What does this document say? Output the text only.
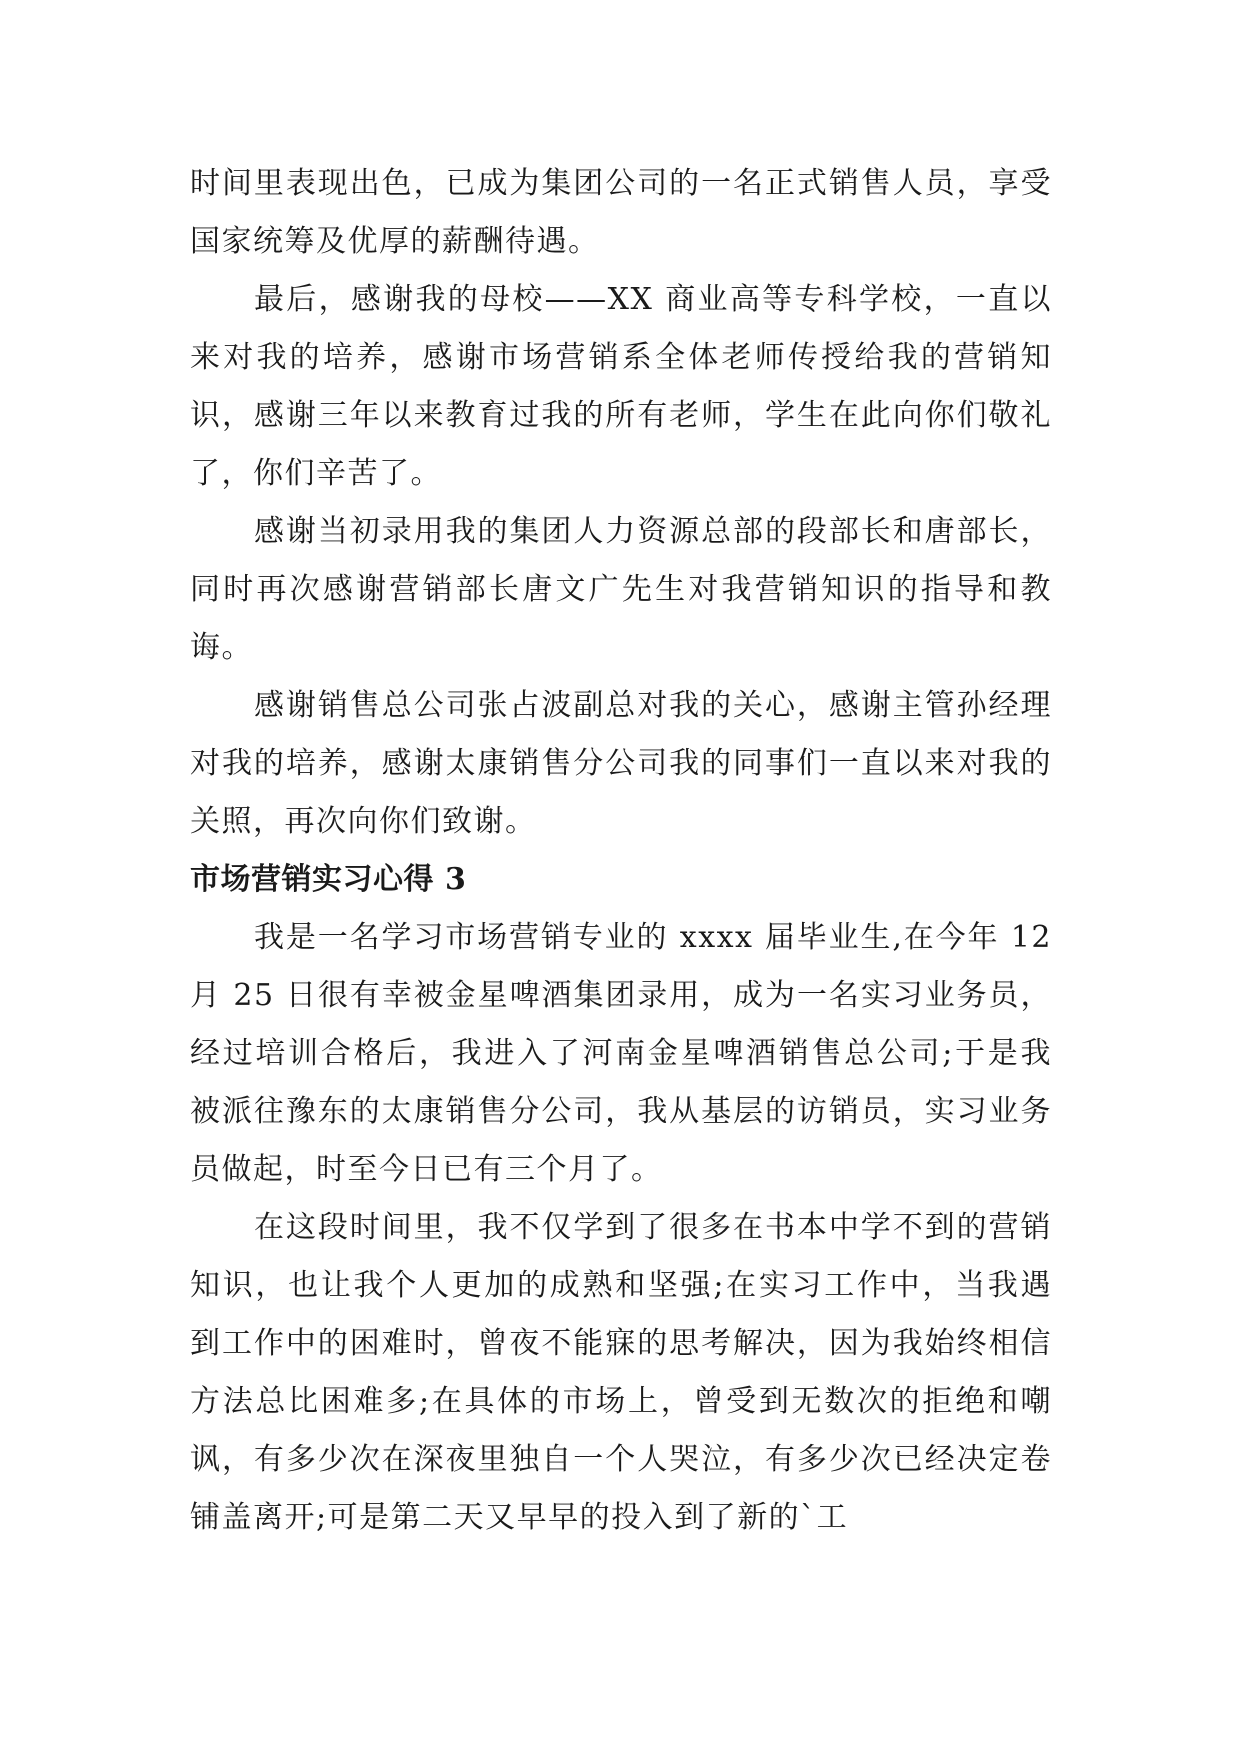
时间里表现出色，已成为集团公司的一名正式销售人员，享受国家统筹及优厚的薪酬待遇。

最后，感谢我的母校——XX 商业高等专科学校，一直以来对我的培养，感谢市场营销系全体老师传授给我的营销知识，感谢三年以来教育过我的所有老师，学生在此向你们敬礼了，你们辛苦了。

感谢当初录用我的集团人力资源总部的段部长和唐部长，同时再次感谢营销部长唐文广先生对我营销知识的指导和教诲。

感谢销售总公司张占波副总对我的关心，感谢主管孙经理对我的培养，感谢太康销售分公司我的同事们一直以来对我的关照，再次向你们致谢。

市场营销实习心得 3

我是一名学习市场营销专业的 xxxx 届毕业生,在今年 12 月 25 日很有幸被金星啤酒集团录用，成为一名实习业务员，经过培训合格后，我进入了河南金星啤酒销售总公司;于是我被派往豫东的太康销售分公司，我从基层的访销员，实习业务员做起，时至今日已有三个月了。

在这段时间里，我不仅学到了很多在书本中学不到的营销知识，也让我个人更加的成熟和坚强;在实习工作中，当我遇到工作中的困难时，曾夜不能寐的思考解决，因为我始终相信方法总比困难多;在具体的市场上，曾受到无数次的拒绝和嘲讽，有多少次在深夜里独自一个人哭泣，有多少次已经决定卷铺盖离开;可是第二天又早早的投入到了新的`工
